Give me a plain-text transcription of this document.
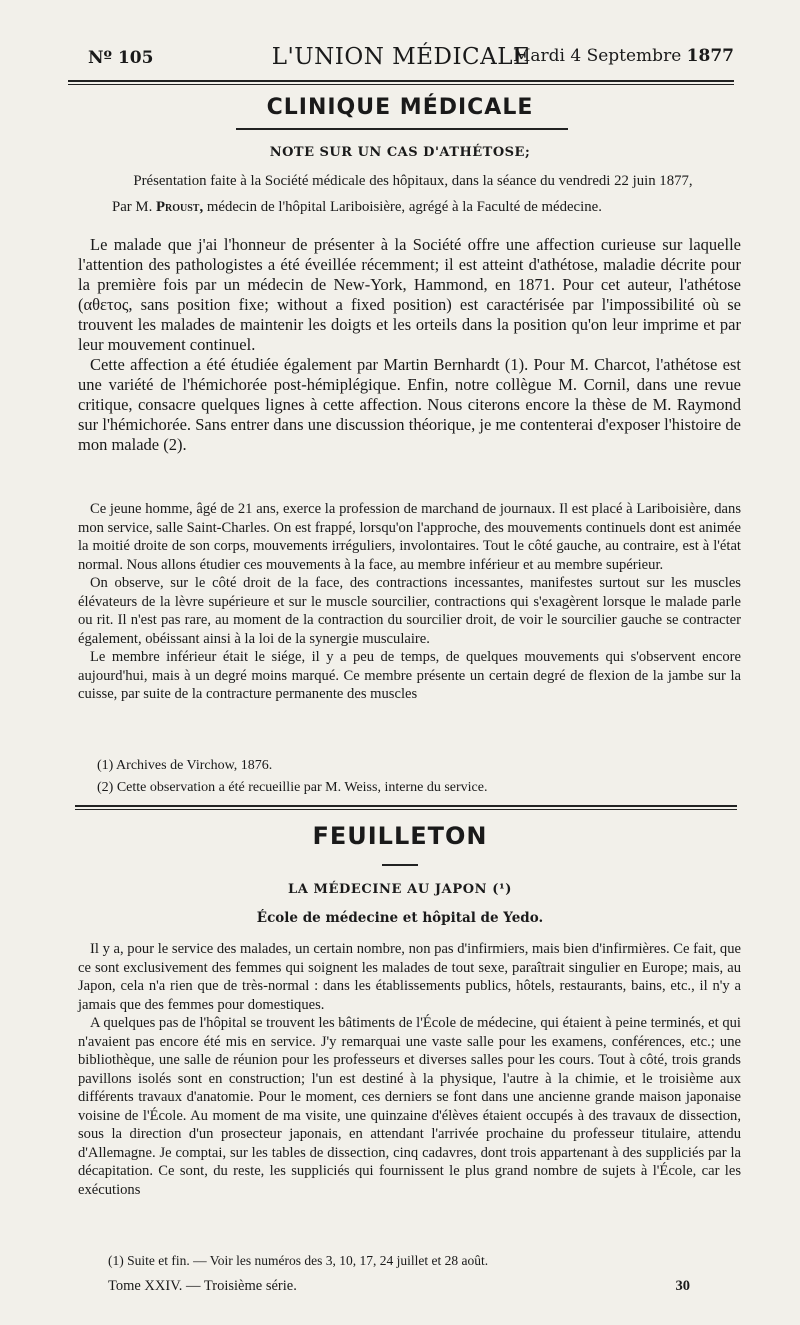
Nº 105	L'UNION MÉDICALE
Mardi 4 Septembre 1877
CLINIQUE MÉDICALE
NOTE SUR UN CAS D'ATHÉTOSE;
Présentation faite à la Société médicale des hôpitaux, dans la séance du vendredi 22 juin 1877,
Par M. Proust, médecin de l'hôpital Lariboisière, agrégé à la Faculté de médecine.

Le malade que j'ai l'honneur de présenter à la Société offre une affection curieuse sur laquelle l'attention des pathologistes a été éveillée récemment; il est atteint d'athétose, maladie décrite pour la première fois par un médecin de New-York, Hammond, en 1871. Pour cet auteur, l'athétose (αθετος, sans position fixe; without a fixed position) est caractérisée par l'impossibilité où se trouvent les malades de maintenir les doigts et les orteils dans la position qu'on leur imprime et par leur mouvement continuel.

Cette affection a été étudiée également par Martin Bernhardt (1). Pour M. Charcot, l'athétose est une variété de l'hémichorée post-hémiplégique. Enfin, notre collègue M. Cornil, dans une revue critique, consacre quelques lignes à cette affection. Nous citerons encore la thèse de M. Raymond sur l'hémichorée. Sans entrer dans une discussion théorique, je me contenterai d'exposer l'histoire de mon malade (2).

Ce jeune homme, âgé de 21 ans, exerce la profession de marchand de journaux. Il est placé à Lariboisière, dans mon service, salle Saint-Charles. On est frappé, lorsqu'on l'approche, des mouvements continuels dont est animée la moitié droite de son corps, mouvements irréguliers, involontaires. Tout le côté gauche, au contraire, est à l'état normal. Nous allons étudier ces mouvements à la face, au membre inférieur et au membre supérieur.

On observe, sur le côté droit de la face, des contractions incessantes, manifestes surtout sur les muscles élévateurs de la lèvre supérieure et sur le muscle sourcilier, contractions qui s'exagèrent lorsque le malade parle ou rit. Il n'est pas rare, au moment de la contraction du sourcilier droit, de voir le sourcilier gauche se contracter également, obéissant ainsi à la loi de la synergie musculaire.

Le membre inférieur était le siége, il y a peu de temps, de quelques mouvements qui s'observent encore aujourd'hui, mais à un degré moins marqué. Ce membre présente un certain degré de flexion de la jambe sur la cuisse, par suite de la contracture permanente des muscles

(1) Archives de Virchow, 1876.
(2) Cette observation a été recueillie par M. Weiss, interne du service.
FEUILLETON
LA MÉDECINE AU JAPON (¹)
École de médecine et hôpital de Yedo.

Il y a, pour le service des malades, un certain nombre, non pas d'infirmiers, mais bien d'infirmières. Ce fait, que ce sont exclusivement des femmes qui soignent les malades de tout sexe, paraîtrait singulier en Europe; mais, au Japon, cela n'a rien que de très-normal : dans les établissements publics, hôtels, restaurants, bains, etc., il n'y a jamais que des femmes pour domestiques.

A quelques pas de l'hôpital se trouvent les bâtiments de l'École de médecine, qui étaient à peine terminés, et qui n'avaient pas encore été mis en service. J'y remarquai une vaste salle pour les examens, conférences, etc.; une bibliothèque, une salle de réunion pour les professeurs et diverses salles pour les cours. Tout à côté, trois grands pavillons isolés sont en construction; l'un est destiné à la physique, l'autre à la chimie, et le troisième aux différents travaux d'anatomie. Pour le moment, ces derniers se font dans une ancienne grande maison japonaise voisine de l'École. Au moment de ma visite, une quinzaine d'élèves étaient occupés à des travaux de dissection, sous la direction d'un prosecteur japonais, en attendant l'arrivée prochaine du professeur titulaire, attendu d'Allemagne. Je comptai, sur les tables de dissection, cinq cadavres, dont trois appartenant à des suppliciés par la décapitation. Ce sont, du reste, les suppliciés qui fournissent le plus grand nombre de sujets à l'École, car les exécutions

(1) Suite et fin. — Voir les numéros des 3, 10, 17, 24 juillet et 28 août.
Tome XXIV. — Troisième série.	30
